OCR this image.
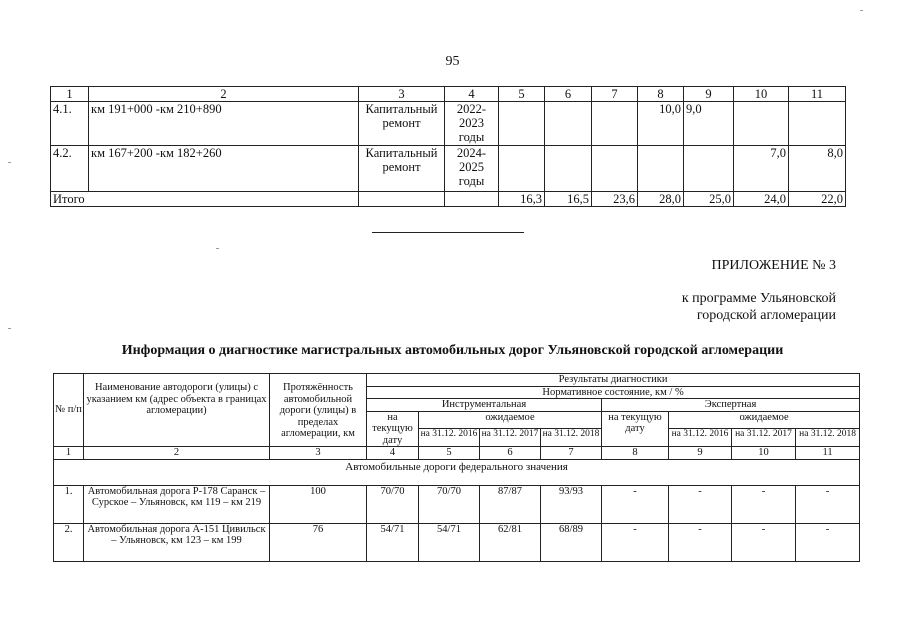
95
1	2	3	4	5	6	7	8	9	10	11
4.1.	км 191+000 -км 210+890	Капитальный ремонт	2022-2023 годы				10,0	9,0		
4.2.	км 167+200 -км 182+260	Капитальный ремонт	2024-2025 годы						7,0	8,0
Итого				16,3	16,5	23,6	28,0	25,0	24,0	22,0
ПРИЛОЖЕНИЕ № 3
к программе Ульяновской
городской агломерации
Информация о диагностике магистральных автомобильных дорог Ульяновской городской агломерации
№ п/п	Наименование автодороги (улицы) с указанием км (адрес объекта в границах агломерации)	Протяжённость автомобильной дороги (улицы) в пределах агломерации, км	Результаты диагностики							
			Нормативное состояние, км / %							
			Инструментальная				Экспертная			
			на текущую дату	ожидаемое			на текущую дату	ожидаемое		
				на 31.12. 2016	на 31.12. 2017	на 31.12. 2018		на 31.12. 2016	на 31.12. 2017	на 31.12. 2018
1	2	3	4	5	6	7	8	9	10	11
Автомобильные дороги федерального значения										
1.	Автомобильная дорога Р-178 Саранск – Сурское – Ульяновск, км 119 – км 219	100	70/70	70/70	87/87	93/93	-	-	-	-
2.	Автомобильная дорога А-151 Цивильск – Ульяновск, км 123 – км 199	76	54/71	54/71	62/81	68/89	-	-	-	-
